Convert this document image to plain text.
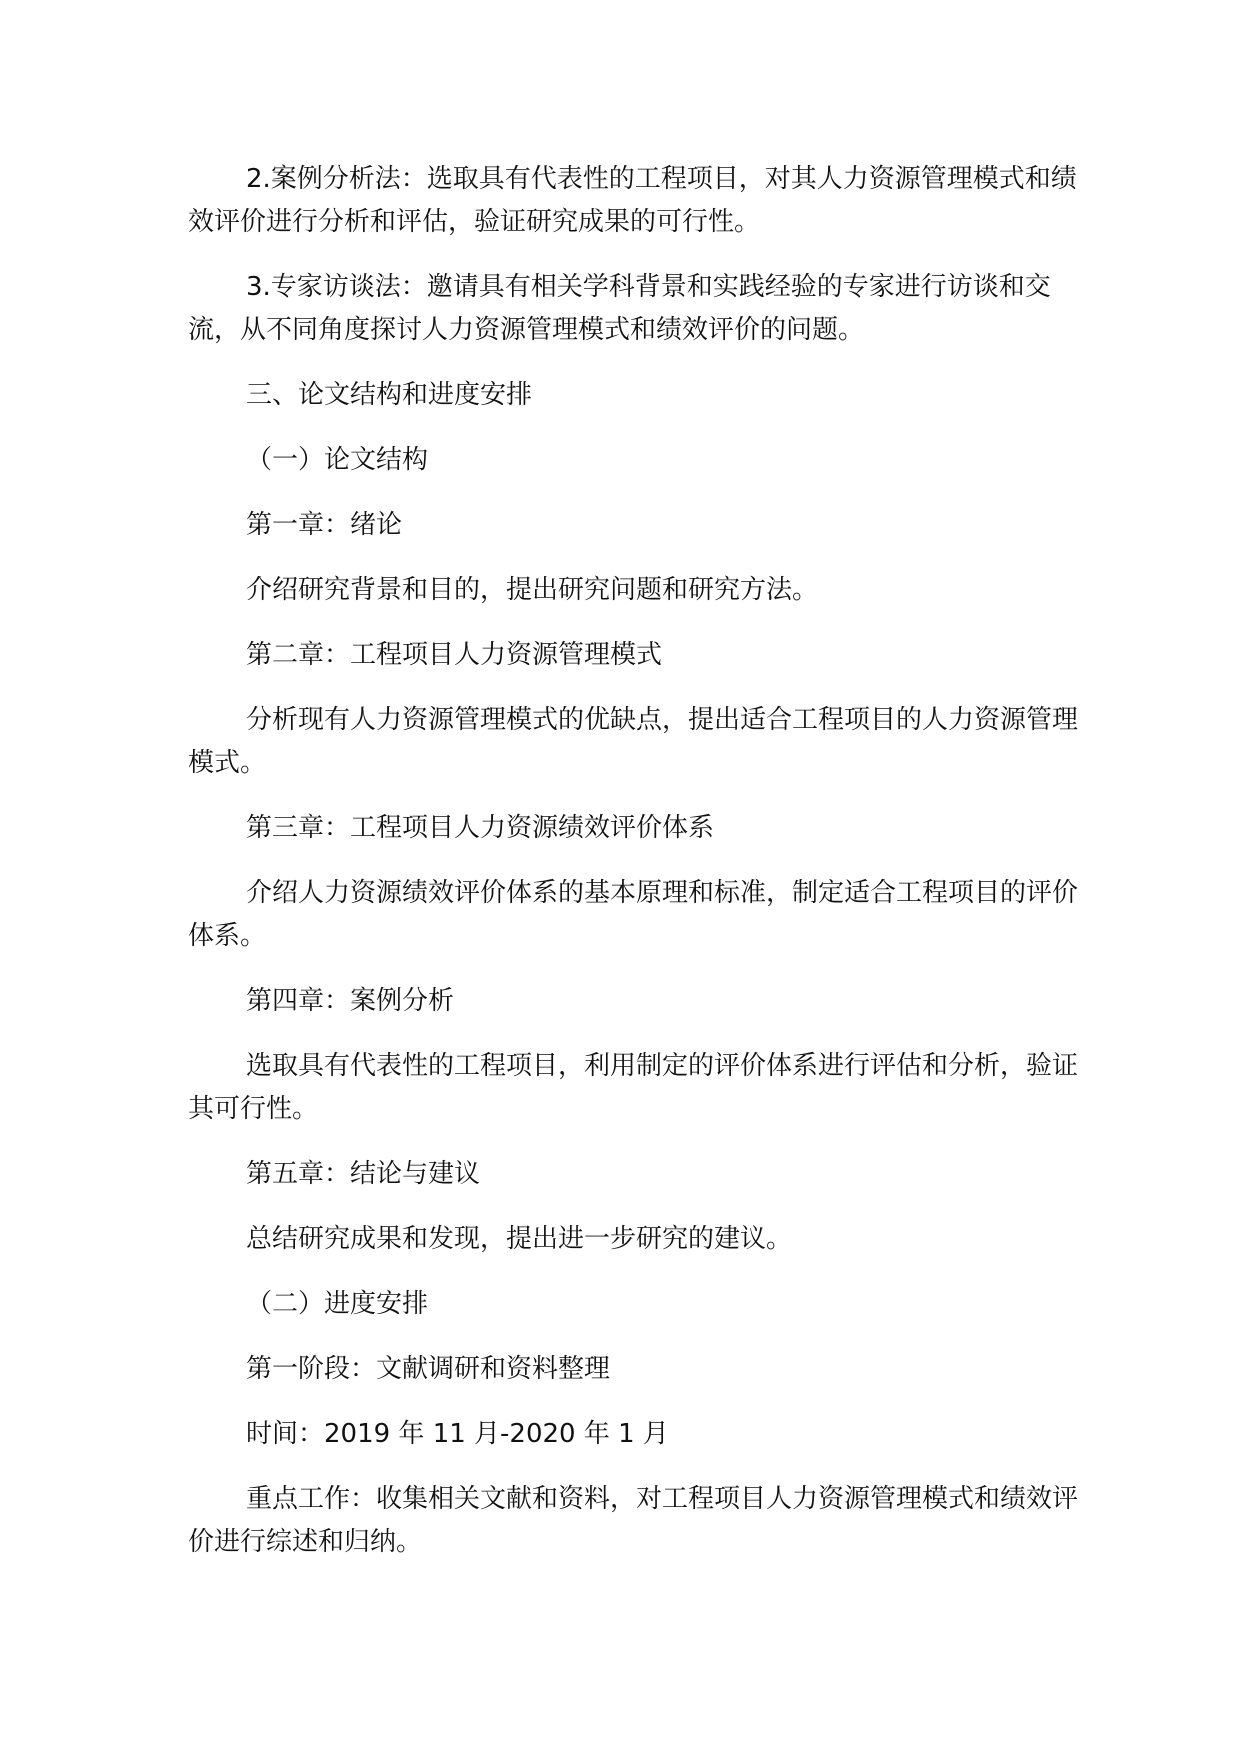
2.案例分析法：选取具有代表性的工程项目，对其人力资源管理模式和绩效评价进行分析和评估，验证研究成果的可行性。

3.专家访谈法：邀请具有相关学科背景和实践经验的专家进行访谈和交流，从不同角度探讨人力资源管理模式和绩效评价的问题。

三、论文结构和进度安排

（一）论文结构

第一章：绪论

介绍研究背景和目的，提出研究问题和研究方法。

第二章：工程项目人力资源管理模式

分析现有人力资源管理模式的优缺点，提出适合工程项目的人力资源管理模式。

第三章：工程项目人力资源绩效评价体系

介绍人力资源绩效评价体系的基本原理和标准，制定适合工程项目的评价体系。

第四章：案例分析

选取具有代表性的工程项目，利用制定的评价体系进行评估和分析，验证其可行性。

第五章：结论与建议

总结研究成果和发现，提出进一步研究的建议。

（二）进度安排

第一阶段：文献调研和资料整理

时间：2019 年 11 月-2020 年 1 月

重点工作：收集相关文献和资料，对工程项目人力资源管理模式和绩效评价进行综述和归纳。
